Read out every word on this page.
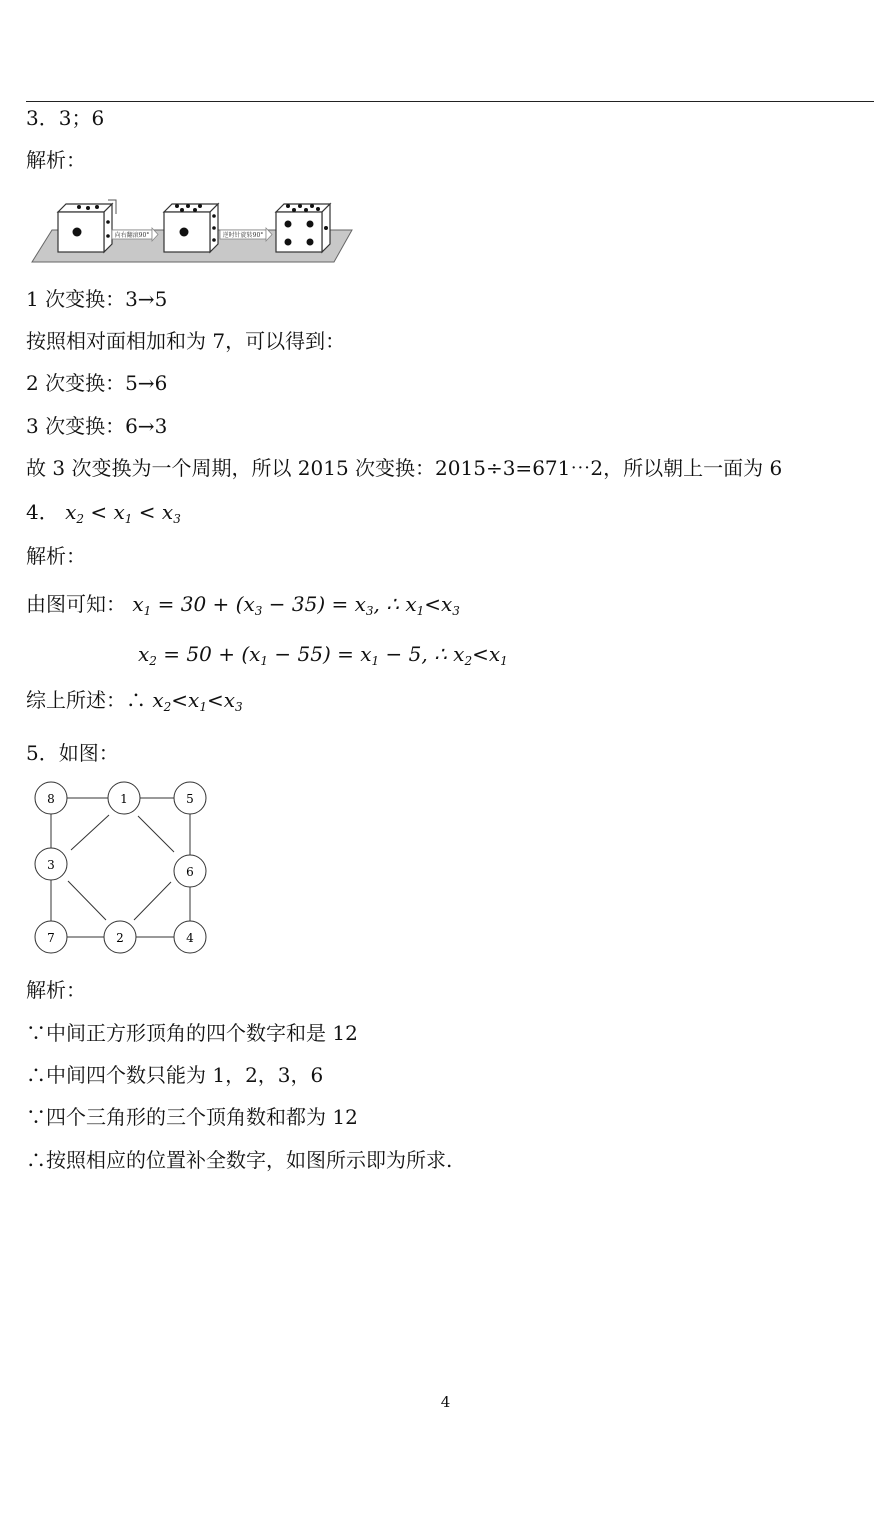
3．3；6
解析：
向右翻滚90°	逆时针旋转90°
1 次变换：3→5
按照相对面相加和为 7，可以得到：
2 次变换：5→6
3 次变换：6→3
故 3 次变换为一个周期，所以 2015 次变换：2015÷3=671⋯2，所以朝上一面为 6
4． $x_2 < x_1 < x_3$
解析：
由图可知： $x_1 = 30 + (x_3 - 35) = x_3$, ∴ $x_1<x_3$
$x_2 = 50 + (x_1 - 55) = x_1 - 5$, ∴ $x_2<x_1$
综上所述：∴ $x_2<x_1<x_3$
5．如图：
8	1	5
3	6
7	2	4
解析：
∵中间正方形顶角的四个数字和是 12
∴中间四个数只能为 1，2，3，6
∵四个三角形的三个顶角数和都为 12
∴按照相应的位置补全数字，如图所示即为所求.
4
